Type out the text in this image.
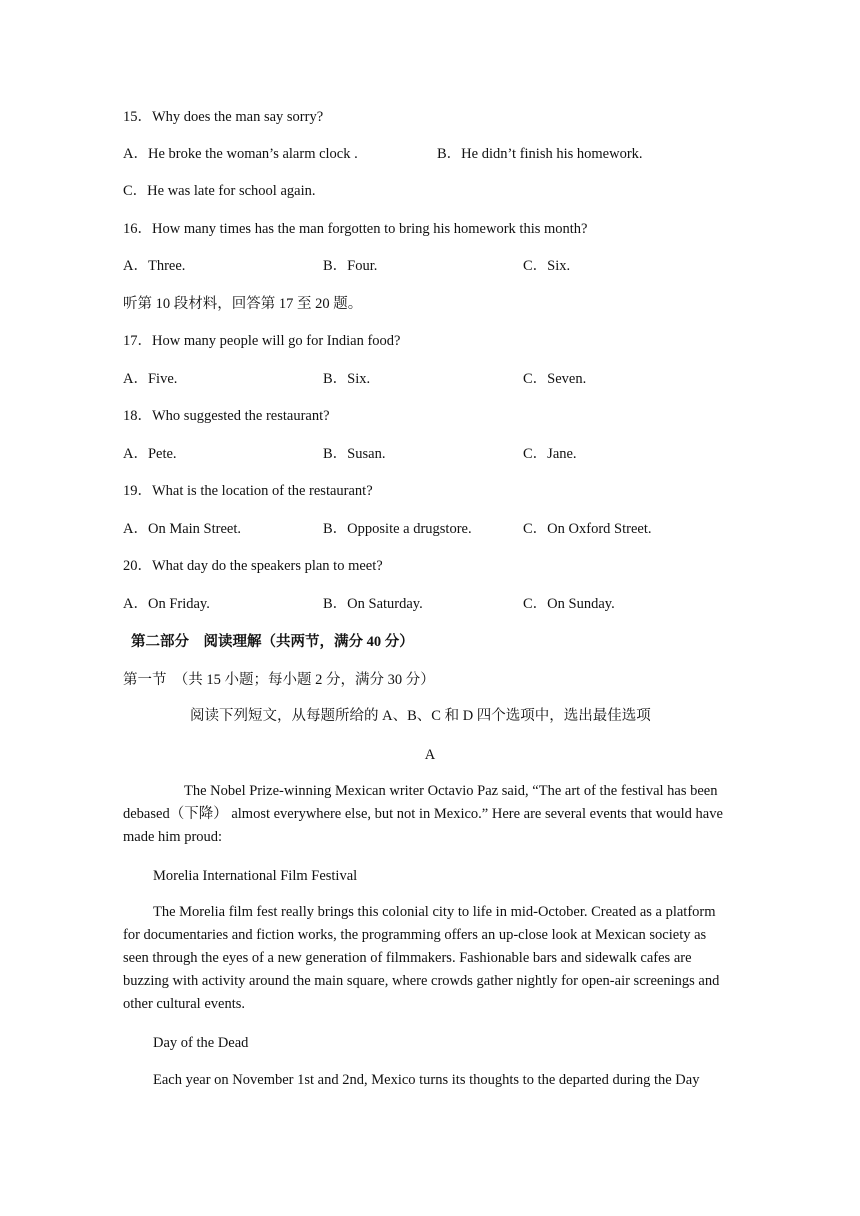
15．Why does the man say sorry?
A．He broke the woman’s alarm clock .	B．He didn’t finish his homework.
C．He was late for school again.
16．How many times has the man forgotten to bring his homework this month?
A．Three.	B．Four.	C．Six.
听第 10 段材料，回答第 17 至 20 题。
17．How many people will go for Indian food?
A．Five.	B．Six.	C．Seven.
18．Who suggested the restaurant?
A．Pete.	B．Susan.	C．Jane.
19．What is the location of the restaurant?
A．On Main Street.	B．Opposite a drugstore.	C．On Oxford Street.
20．What day do the speakers plan to meet?
A．On Friday.	B．On Saturday.	C．On Sunday.
第二部分　阅读理解（共两节，满分 40 分）
第一节　（共 15 小题；每小题 2 分，满分 30 分）
阅读下列短文，从每题所给的 A、B、C 和 D 四个选项中，选出最佳选项
A
The Nobel Prize-winning Mexican writer Octavio Paz said, “The art of the festival has been debased（下降） almost everywhere else, but not in Mexico.” Here are several events that would have made him proud:
Morelia International Film Festival
The Morelia film fest really brings this colonial city to life in mid-October. Created as a platform for documentaries and fiction works, the programming offers an up-close look at Mexican society as seen through the eyes of a new generation of filmmakers. Fashionable bars and sidewalk cafes are buzzing with activity around the main square, where crowds gather nightly for open-air screenings and other cultural events.
Day of the Dead
Each year on November 1st and 2nd, Mexico turns its thoughts to the departed during the Day
